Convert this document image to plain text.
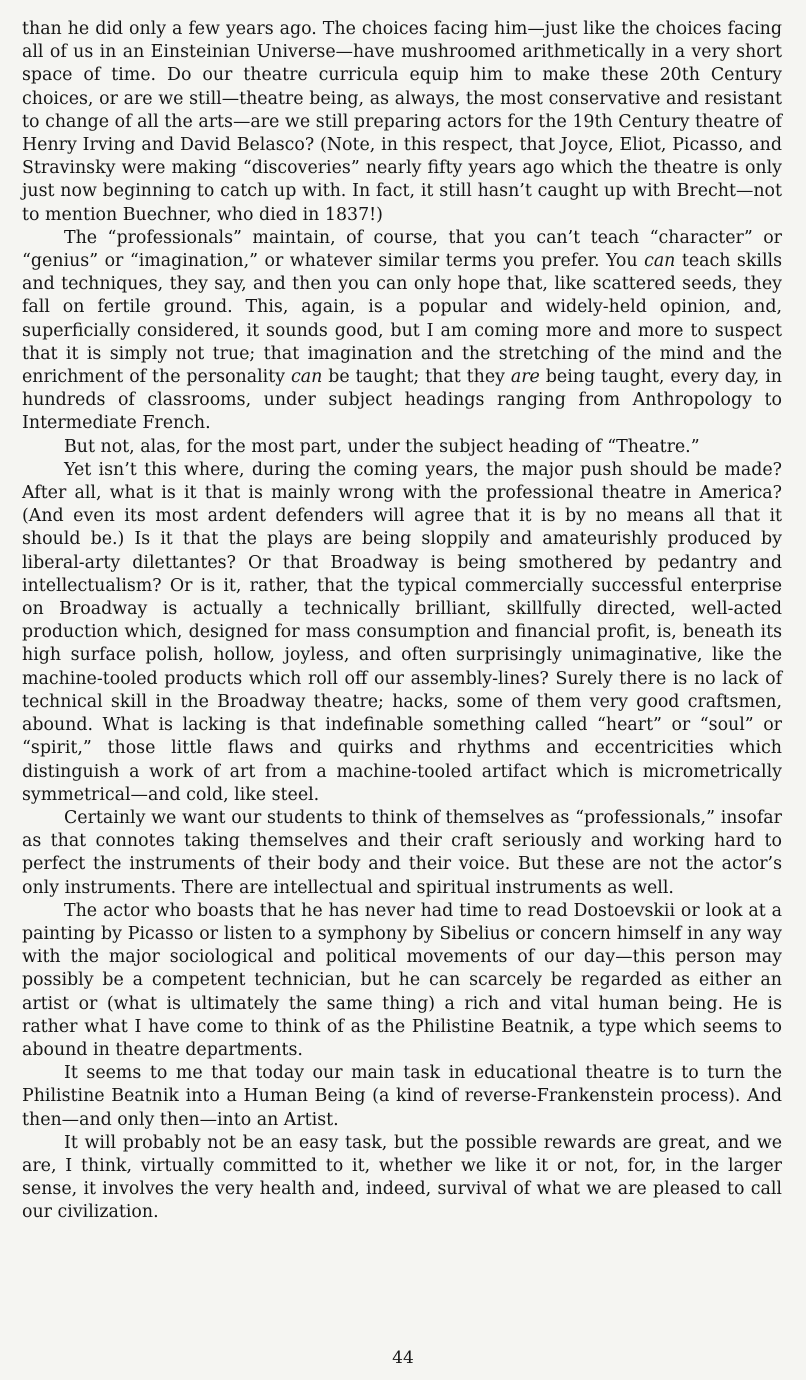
than he did only a few years ago. The choices facing him—just like the choices facing all of us in an Einsteinian Universe—have mushroomed arithmetically in a very short space of time. Do our theatre curricula equip him to make these 20th Century choices, or are we still—theatre being, as always, the most conservative and resistant to change of all the arts—are we still preparing actors for the 19th Century theatre of Henry Irving and David Belasco? (Note, in this respect, that Joyce, Eliot, Picasso, and Stravinsky were making “discoveries” nearly fifty years ago which the theatre is only just now beginning to catch up with. In fact, it still hasn’t caught up with Brecht—not to mention Buechner, who died in 1837!)

The “professionals” maintain, of course, that you can’t teach “character” or “genius” or “imagination,” or whatever similar terms you prefer. You can teach skills and techniques, they say, and then you can only hope that, like scattered seeds, they fall on fertile ground. This, again, is a popular and widely-held opinion, and, superficially considered, it sounds good, but I am coming more and more to suspect that it is simply not true; that imagination and the stretching of the mind and the enrichment of the personality can be taught; that they are being taught, every day, in hundreds of classrooms, under subject headings ranging from Anthropology to Intermediate French.

But not, alas, for the most part, under the subject heading of “Theatre.”

Yet isn’t this where, during the coming years, the major push should be made? After all, what is it that is mainly wrong with the professional theatre in America? (And even its most ardent defenders will agree that it is by no means all that it should be.) Is it that the plays are being sloppily and amateurishly produced by liberal-arty dilettantes? Or that Broadway is being smothered by pedantry and intellectualism? Or is it, rather, that the typical commercially successful enterprise on Broadway is actually a technically brilliant, skillfully directed, well-acted production which, designed for mass consumption and financial profit, is, beneath its high surface polish, hollow, joyless, and often surprisingly unimaginative, like the machine-tooled products which roll off our assembly-lines? Surely there is no lack of technical skill in the Broadway theatre; hacks, some of them very good craftsmen, abound. What is lacking is that indefinable something called “heart” or “soul” or “spirit,” those little flaws and quirks and rhythms and eccentricities which distinguish a work of art from a machine-tooled artifact which is micrometrically symmetrical—and cold, like steel.

Certainly we want our students to think of themselves as “professionals,” insofar as that connotes taking themselves and their craft seriously and working hard to perfect the instruments of their body and their voice. But these are not the actor’s only instruments. There are intellectual and spiritual instruments as well.

The actor who boasts that he has never had time to read Dostoevskii or look at a painting by Picasso or listen to a symphony by Sibelius or concern himself in any way with the major sociological and political movements of our day—this person may possibly be a competent technician, but he can scarcely be regarded as either an artist or (what is ultimately the same thing) a rich and vital human being. He is rather what I have come to think of as the Philistine Beatnik, a type which seems to abound in theatre departments.

It seems to me that today our main task in educational theatre is to turn the Philistine Beatnik into a Human Being (a kind of reverse-Frankenstein process). And then—and only then—into an Artist.

It will probably not be an easy task, but the possible rewards are great, and we are, I think, virtually committed to it, whether we like it or not, for, in the larger sense, it involves the very health and, indeed, survival of what we are pleased to call our civilization.

44
